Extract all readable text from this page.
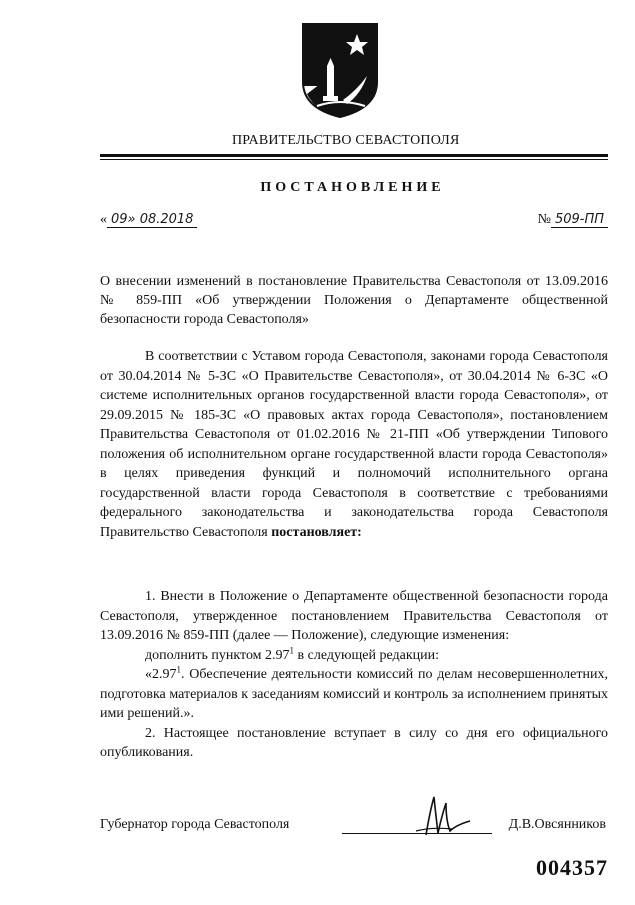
ПРАВИТЕЛЬСТВО СЕВАСТОПОЛЯ
ПОСТАНОВЛЕНИЕ
« 09» 08.2018	№ 509-ПП
О внесении изменений в постановление Правительства Севастополя от 13.09.2016 № 859-ПП «Об утверждении Положения о Департаменте общественной безопасности города Севастополя»

В соответствии с Уставом города Севастополя, законами города Севастополя от 30.04.2014 № 5-ЗС «О Правительстве Севастополя», от 30.04.2014 № 6-ЗС «О системе исполнительных органов государственной власти города Севастополя», от 29.09.2015 № 185-ЗС «О правовых актах города Севастополя», постановлением Правительства Севастополя от 01.02.2016 № 21-ПП «Об утверждении Типового положения об исполнительном органе государственной власти города Севастополя» в целях приведения функций и полномочий исполнительного органа государственной власти города Севастополя в соответствие с требованиями федерального законодательства и законодательства города Севастополя Правительство Севастополя постановляет:

1. Внести в Положение о Департаменте общественной безопасности города Севастополя, утвержденное постановлением Правительства Севастополя от 13.09.2016 № 859-ПП (далее — Положение), следующие изменения:

дополнить пунктом 2.97$^1$ в следующей редакции:

«2.97$^1$. Обеспечение деятельности комиссий по делам несовершеннолетних, подготовка материалов к заседаниям комиссий и контроль за исполнением принятых ими решений.».

2. Настоящее постановление вступает в силу со дня его официального опубликования.

Губернатор города Севастополя	Д.В.Овсянников
004357
